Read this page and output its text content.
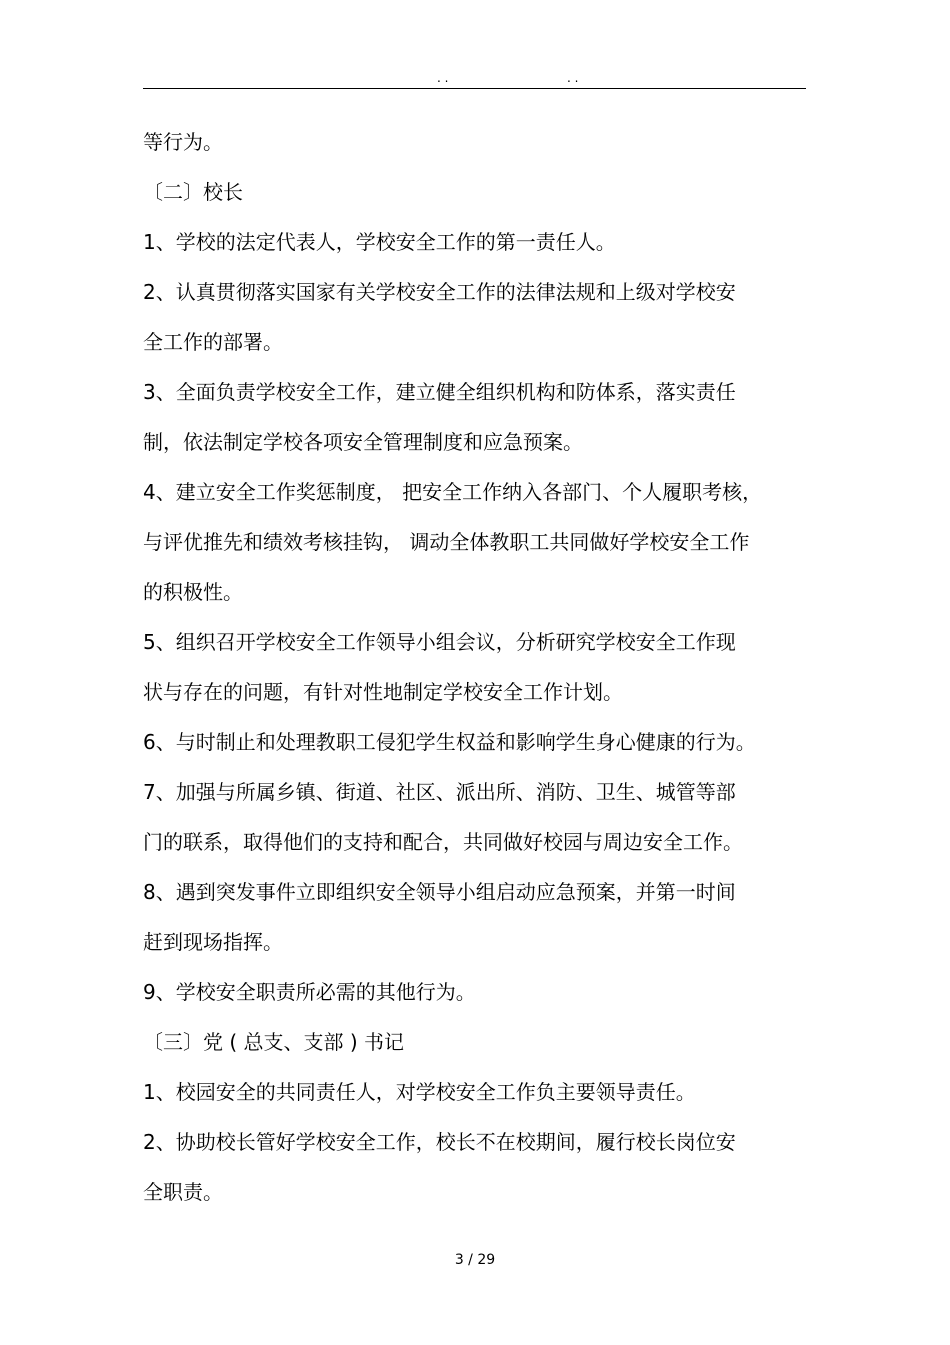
. .	. .
等行为。
〔二〕校长
1、学校的法定代表人，学校安全工作的第一责任人。
2、认真贯彻落实国家有关学校安全工作的法律法规和上级对学校安
全工作的部署。
3、全面负责学校安全工作，建立健全组织机构和防体系，落实责任
制，依法制定学校各项安全管理制度和应急预案。
4、建立安全工作奖惩制度， 把安全工作纳入各部门、个人履职考核，
与评优推先和绩效考核挂钩， 调动全体教职工共同做好学校安全工作
的积极性。
5、组织召开学校安全工作领导小组会议，分析研究学校安全工作现
状与存在的问题，有针对性地制定学校安全工作计划。
6、与时制止和处理教职工侵犯学生权益和影响学生身心健康的行为。
7、加强与所属乡镇、街道、社区、派出所、消防、卫生、城管等部
门的联系，取得他们的支持和配合，共同做好校园与周边安全工作。
8、遇到突发事件立即组织安全领导小组启动应急预案，并第一时间
赶到现场指挥。
9、学校安全职责所必需的其他行为。
〔三〕党 ( 总支、支部 ) 书记
1、校园安全的共同责任人，对学校安全工作负主要领导责任。
2、协助校长管好学校安全工作，校长不在校期间，履行校长岗位安
全职责。
3 / 29
